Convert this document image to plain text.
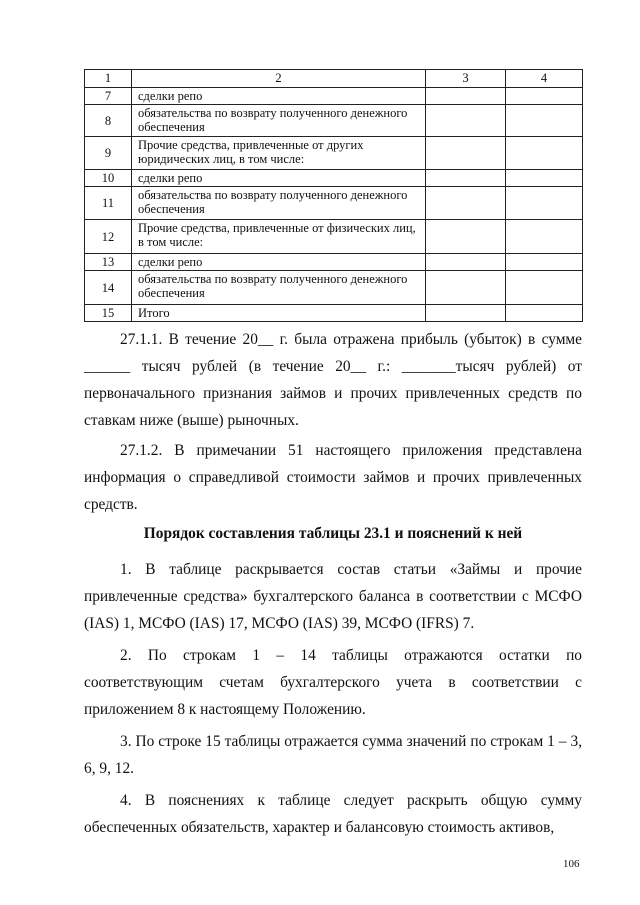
1	2	3	4
7	сделки репо		
8	обязательства по возврату полученного денежного обеспечения		
9	Прочие средства, привлеченные от других юридических лиц, в том числе:		
10	сделки репо		
11	обязательства по возврату полученного денежного обеспечения		
12	Прочие средства, привлеченные от физических лиц, в том числе:		
13	сделки репо		
14	обязательства по возврату полученного денежного обеспечения		
15	Итого		

27.1.1. В течение 20__ г. была отражена прибыль (убыток) в сумме ______ тысяч рублей (в течение 20__ г.: _______тысяч рублей) от первоначального признания займов и прочих привлеченных средств по ставкам ниже (выше) рыночных.

27.1.2. В примечании 51 настоящего приложения представлена информация о справедливой стоимости займов и прочих привлеченных средств.

Порядок составления таблицы 23.1 и пояснений к ней

1. В таблице раскрывается состав статьи «Займы и прочие привлеченные средства» бухгалтерского баланса в соответствии с МСФО (IAS) 1, МСФО (IAS) 17, МСФО (IAS) 39, МСФО (IFRS) 7.

2. По строкам 1 – 14 таблицы отражаются остатки по соответствующим счетам бухгалтерского учета в соответствии с приложением 8 к настоящему Положению.

3. По строке 15 таблицы отражается сумма значений по строкам 1 – 3, 6, 9, 12.

4. В пояснениях к таблице следует раскрыть общую сумму обеспеченных обязательств, характер и балансовую стоимость активов,

106
